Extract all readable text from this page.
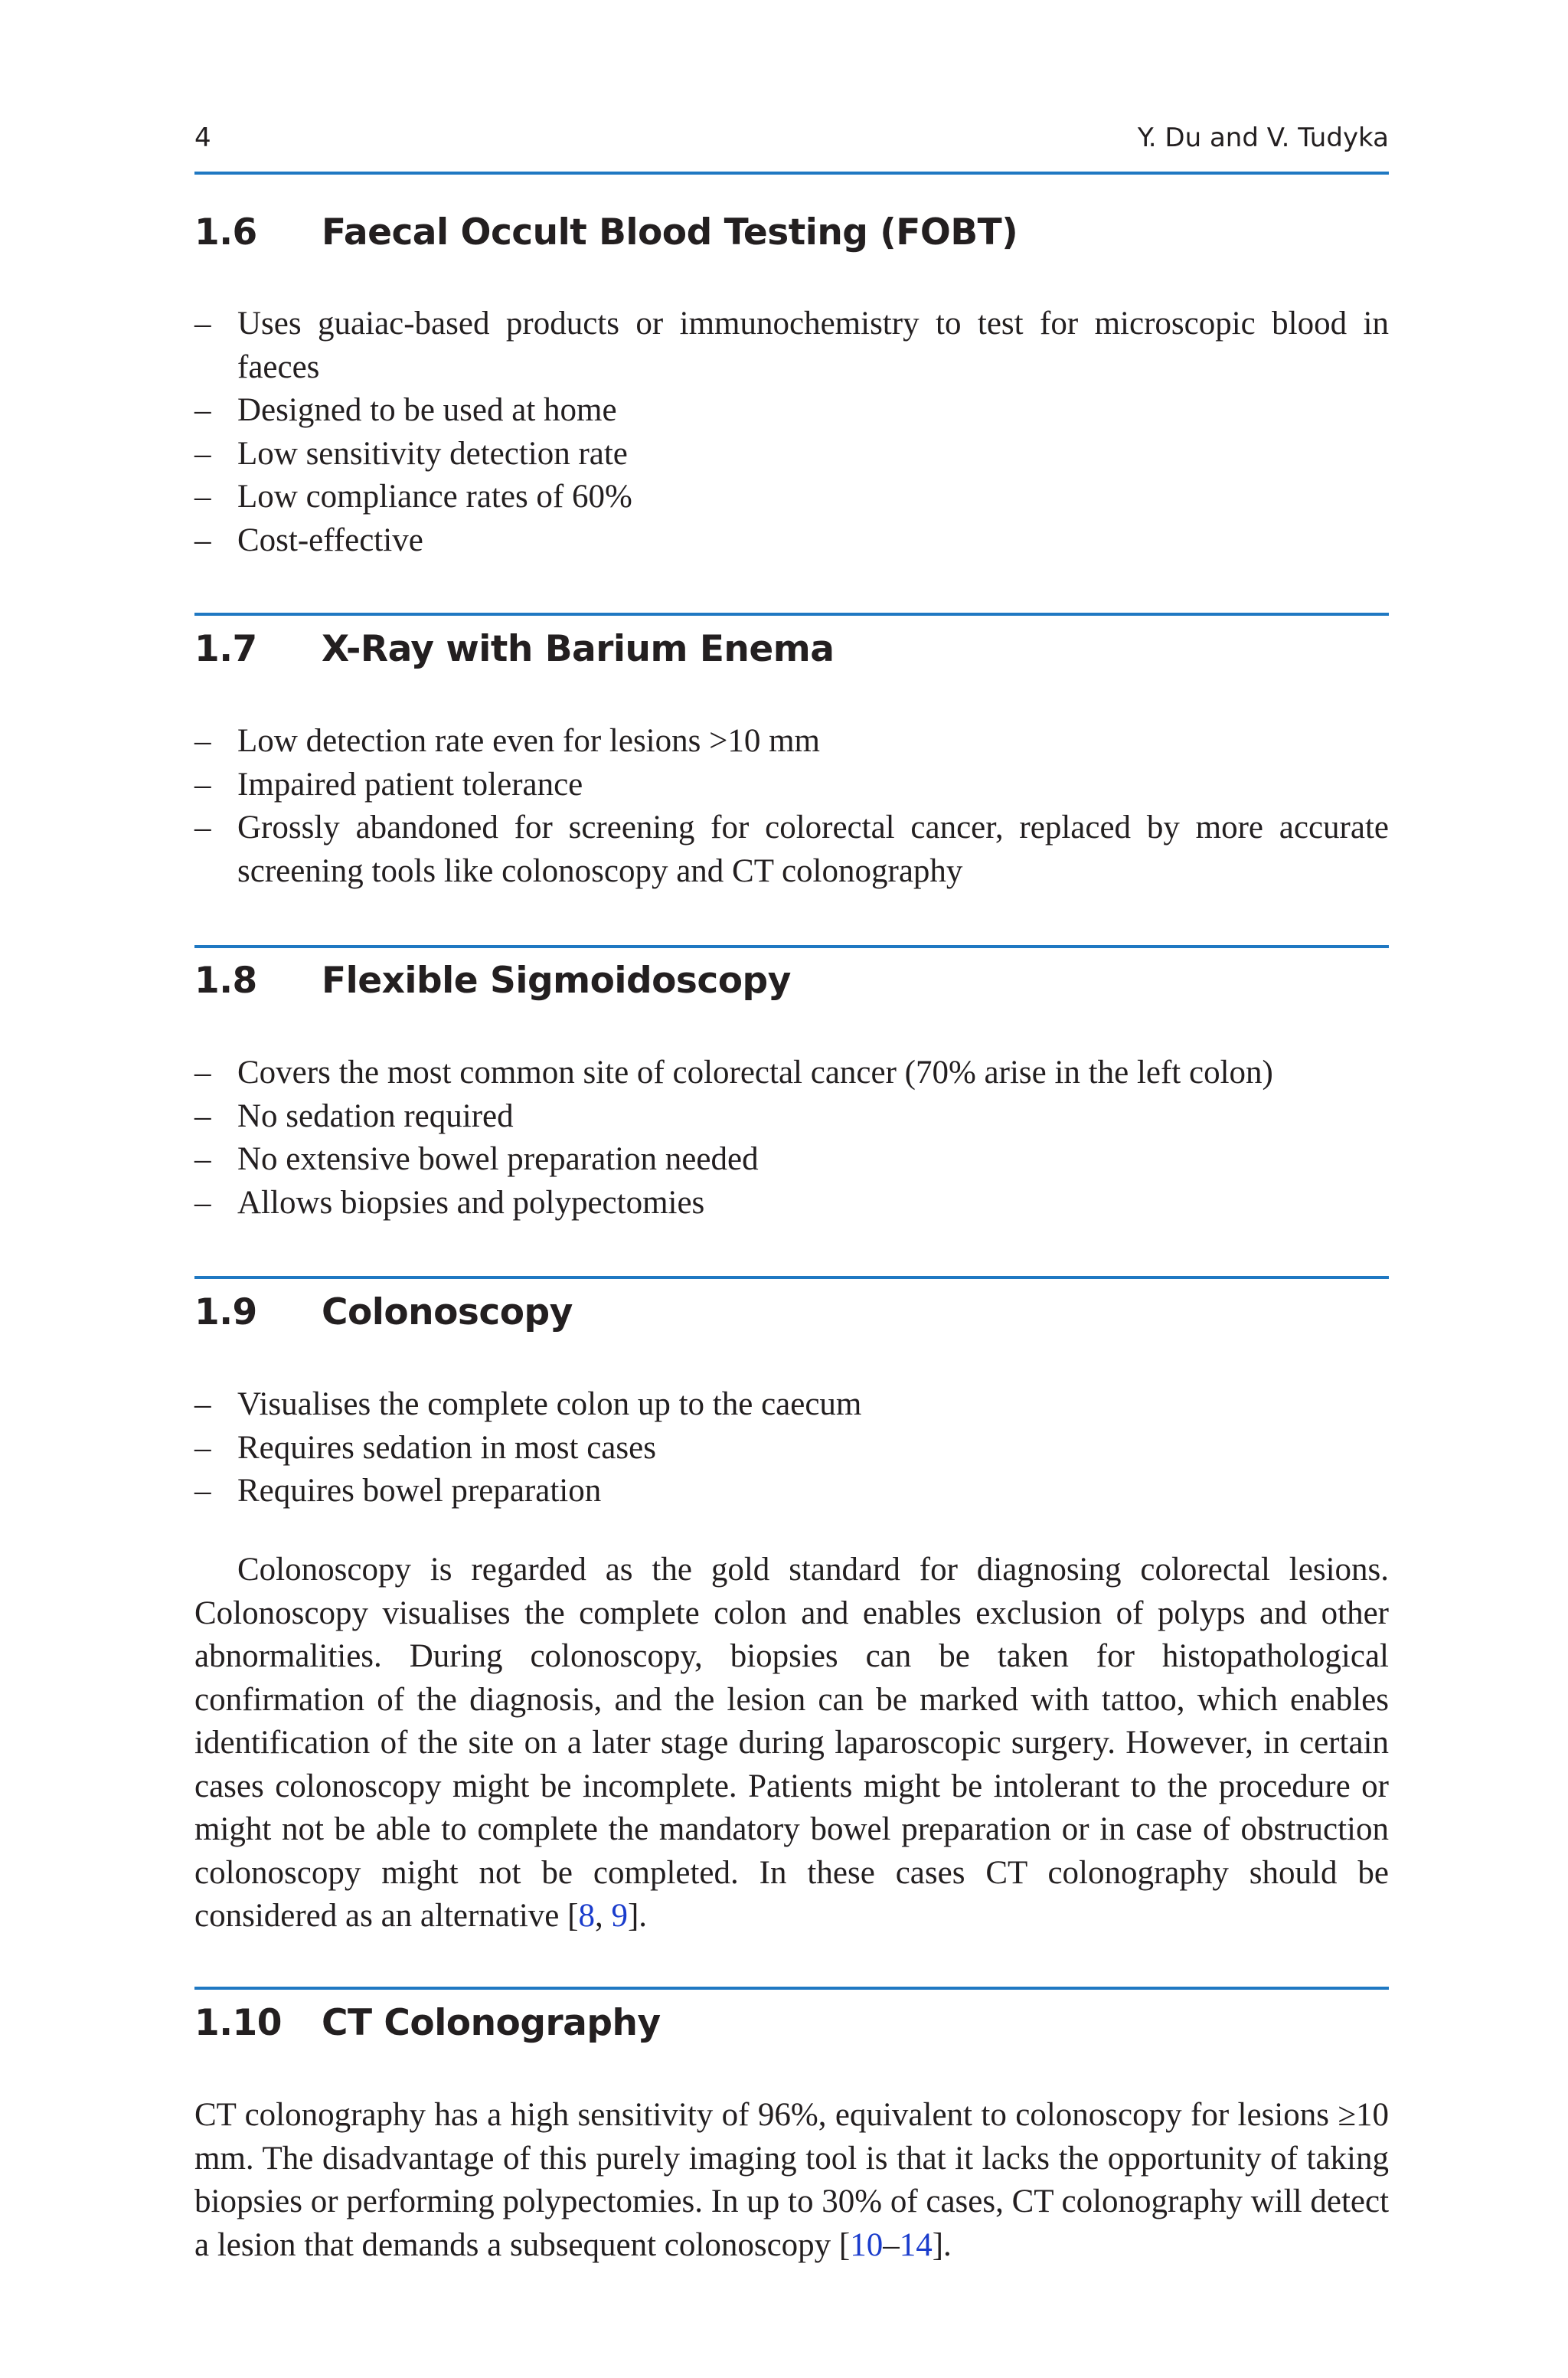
4	Y. Du and V. Tudyka
1.6 Faecal Occult Blood Testing (FOBT)
– Uses guaiac-based products or immunochemistry to test for microscopic blood in faeces
– Designed to be used at home
– Low sensitivity detection rate
– Low compliance rates of 60%
– Cost-effective
1.7 X-Ray with Barium Enema
– Low detection rate even for lesions >10 mm
– Impaired patient tolerance
– Grossly abandoned for screening for colorectal cancer, replaced by more accurate screening tools like colonoscopy and CT colonography
1.8 Flexible Sigmoidoscopy
– Covers the most common site of colorectal cancer (70% arise in the left colon)
– No sedation required
– No extensive bowel preparation needed
– Allows biopsies and polypectomies
1.9 Colonoscopy
– Visualises the complete colon up to the caecum
– Requires sedation in most cases
– Requires bowel preparation

Colonoscopy is regarded as the gold standard for diagnosing colorectal lesions. Colonoscopy visualises the complete colon and enables exclusion of polyps and other abnormalities. During colonoscopy, biopsies can be taken for histopathological confirmation of the diagnosis, and the lesion can be marked with tattoo, which enables identification of the site on a later stage during laparoscopic surgery. However, in certain cases colonoscopy might be incomplete. Patients might be intolerant to the procedure or might not be able to complete the mandatory bowel preparation or in case of obstruction colonoscopy might not be completed. In these cases CT colonography should be considered as an alternative [8, 9].

1.10 CT Colonography

CT colonography has a high sensitivity of 96%, equivalent to colonoscopy for lesions ≥10 mm. The disadvantage of this purely imaging tool is that it lacks the opportunity of taking biopsies or performing polypectomies. In up to 30% of cases, CT colonography will detect a lesion that demands a subsequent colonoscopy [10–14].
